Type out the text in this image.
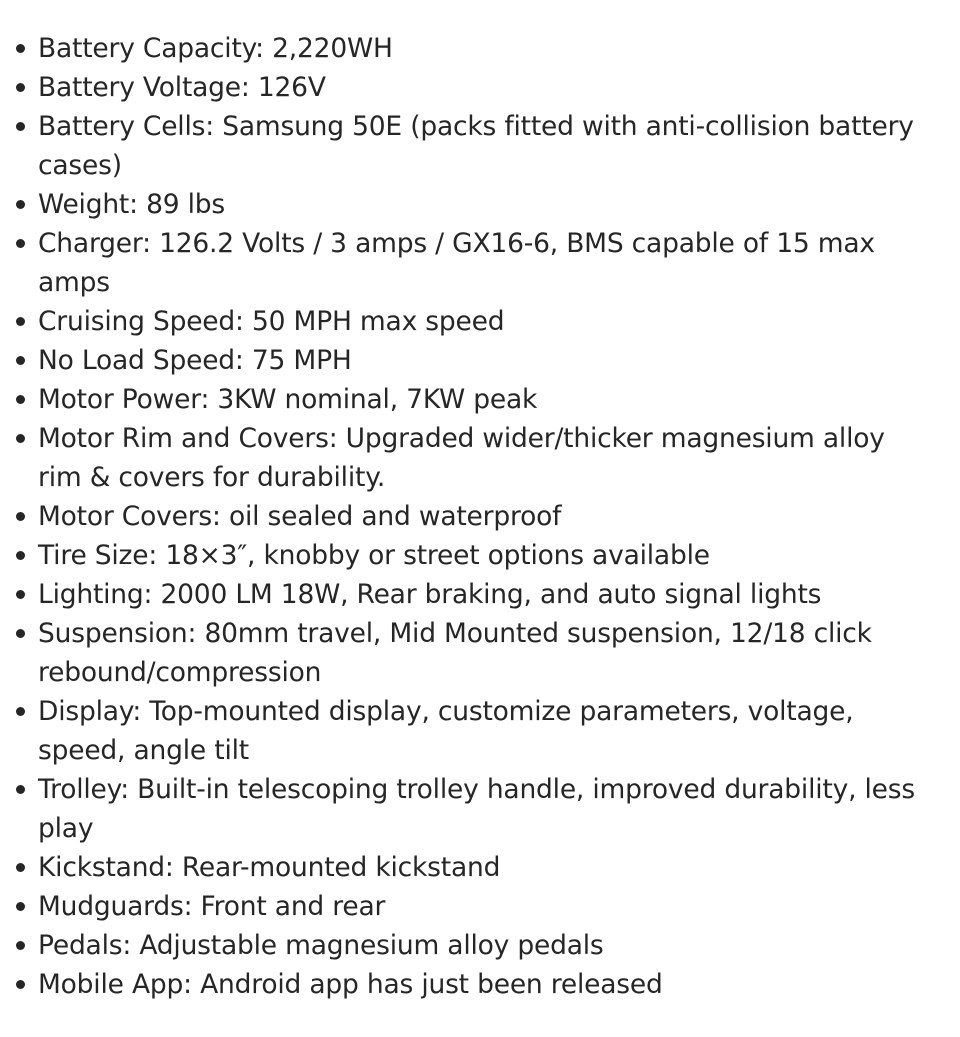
Battery Capacity: 2,220WH
Battery Voltage: 126V
Battery Cells: Samsung 50E (packs fitted with anti-collision battery cases)
Weight: 89 lbs
Charger: 126.2 Volts / 3 amps / GX16-6, BMS capable of 15 max amps
Cruising Speed: 50 MPH max speed
No Load Speed: 75 MPH
Motor Power: 3KW nominal, 7KW peak
Motor Rim and Covers: Upgraded wider/thicker magnesium alloy rim & covers for durability.
Motor Covers: oil sealed and waterproof
Tire Size: 18×3″, knobby or street options available
Lighting: 2000 LM 18W, Rear braking, and auto signal lights
Suspension: 80mm travel, Mid Mounted suspension, 12/18 click rebound/compression
Display: Top-mounted display, customize parameters, voltage, speed, angle tilt
Trolley: Built-in telescoping trolley handle, improved durability, less play
Kickstand: Rear-mounted kickstand
Mudguards: Front and rear
Pedals: Adjustable magnesium alloy pedals
Mobile App: Android app has just been released
